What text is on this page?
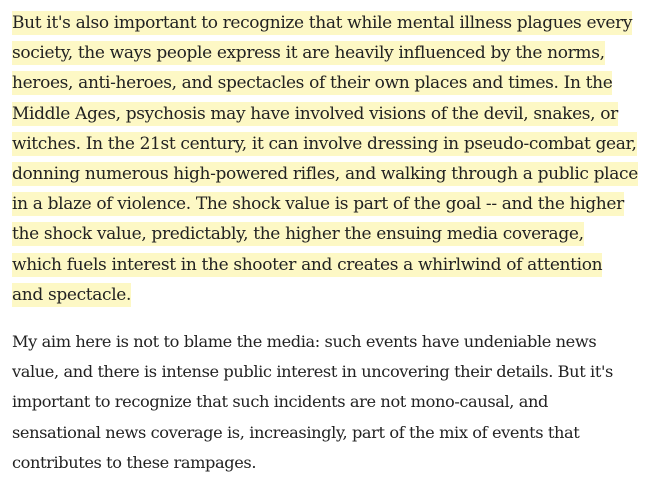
But it's also important to recognize that while mental illness plagues every society, the ways people express it are heavily influenced by the norms, heroes, anti-heroes, and spectacles of their own places and times. In the Middle Ages, psychosis may have involved visions of the devil, snakes, or witches. In the 21st century, it can involve dressing in pseudo-combat gear, donning numerous high-powered rifles, and walking through a public place in a blaze of violence. The shock value is part of the goal -- and the higher the shock value, predictably, the higher the ensuing media coverage, which fuels interest in the shooter and creates a whirlwind of attention and spectacle.

My aim here is not to blame the media: such events have undeniable news value, and there is intense public interest in uncovering their details. But it's important to recognize that such incidents are not mono-causal, and sensational news coverage is, increasingly, part of the mix of events that contributes to these rampages.
